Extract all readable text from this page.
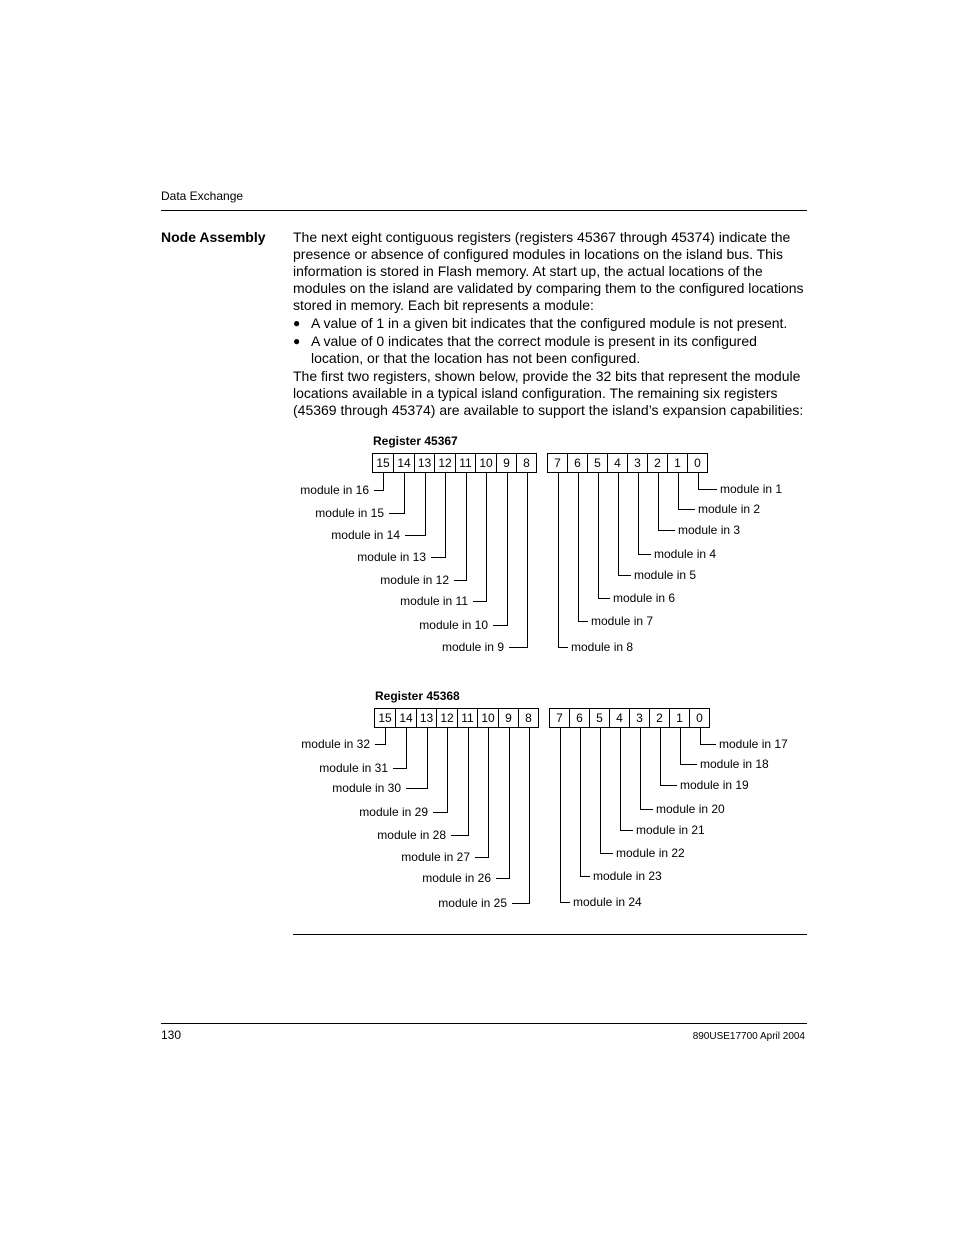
Data Exchange
Node Assembly The next eight contiguous registers (registers 45367 through 45374) indicate the presence or absence of configured modules in locations on the island bus. This information is stored in Flash memory. At start up, the actual locations of the modules on the island are validated by comparing them to the configured locations stored in memory. Each bit represents a module:

● A value of 1 in a given bit indicates that the configured module is not present.
● A value of 0 indicates that the correct module is present in its configured location, or that the location has not been configured.

The first two registers, shown below, provide the 32 bits that represent the module locations available in a typical island configuration. The remaining six registers (45369 through 45374) are available to support the island’s expansion capabilities:

Register 45367
15 14 13 12 11 10 9	8	7	6	5	4	3	2	1	0
Register 45368
15 14 13 12 11 10 9	8	7	6	5	4	3	2	1	0
130	890USE17700 April 2004
module in 16
module in 15
module in 14
module in 13
module in 12
module in 11
module in 10
module in 9	module in 8
module in 7
module in 6
module in 5
module in 4
module in 3
module in 2
module in 1
module in 32
module in 31
module in 30
module in 29
module in 28
module in 27
module in 26
module in 25	module in 24
module in 23
module in 22
module in 21
module in 20
module in 19
module in 18
module in 17
